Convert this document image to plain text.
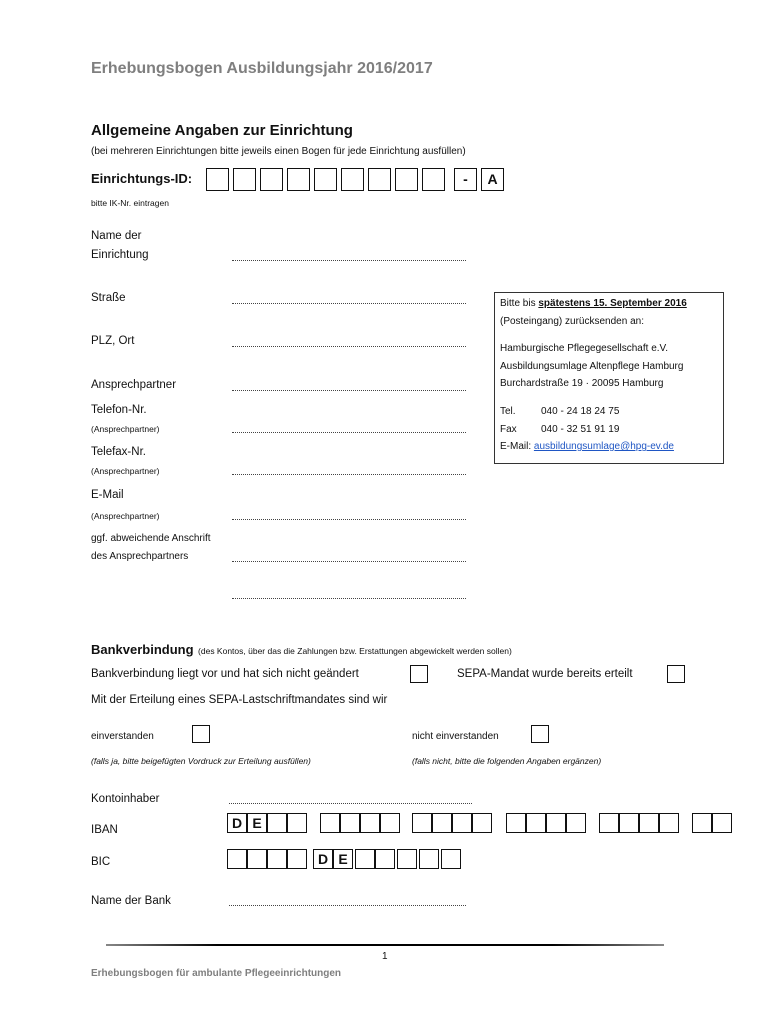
Erhebungsbogen Ausbildungsjahr 2016/2017
Allgemeine Angaben zur Einrichtung
(bei mehreren Einrichtungen bitte jeweils einen Bogen für jede Einrichtung ausfüllen)
Einrichtungs-ID:
bitte IK-Nr. eintragen
-	A
Name der
Einrichtung
Straße
PLZ, Ort
Ansprechpartner
Telefon-Nr.
(Ansprechpartner)
Telefax-Nr.
(Ansprechpartner)
E-Mail
(Ansprechpartner)
ggf. abweichende Anschrift
des Ansprechpartners
Bitte bis spätestens 15. September 2016
(Posteingang) zurücksenden an:
Hamburgische Pflegegesellschaft e.V.
Ausbildungsumlage Altenpflege Hamburg
Burchardstraße 19 · 20095 Hamburg
Tel.	040 - 24 18 24 75
Fax 040 - 32 51 91 19
E-Mail: ausbildungsumlage@hpg-ev.de
Bankverbindung (des Kontos, über das die Zahlungen bzw. Erstattungen abgewickelt werden sollen)
Bankverbindung liegt vor und hat sich nicht geändert	SEPA-Mandat wurde bereits erteilt
Mit der Erteilung eines SEPA-Lastschriftmandates sind wir
einverstanden	nicht einverstanden
(falls ja, bitte beigefügten Vordruck zur Erteilung ausfüllen)	(falls nicht, bitte die folgenden Angaben ergänzen)
Kontoinhaber
IBAN	D E
BIC	D E
Name der Bank
1
Erhebungsbogen für ambulante Pflegeeinrichtungen
